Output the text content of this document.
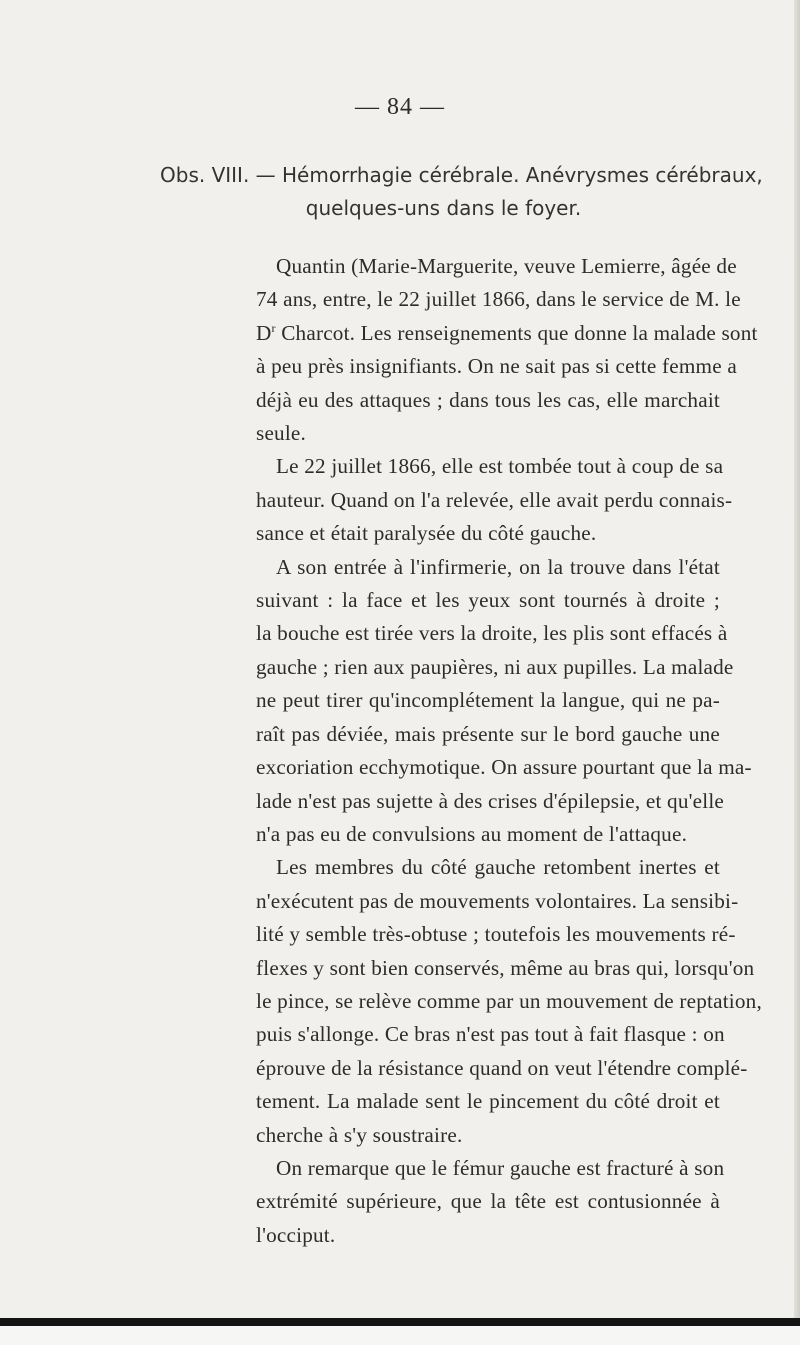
— 84 —
Obs. VIII. — Hémorrhagie cérébrale. Anévrysmes cérébraux,
quelques-uns dans le foyer.
Quantin (Marie-Marguerite, veuve Lemierre, âgée de
74 ans, entre, le 22 juillet 1866, dans le service de M. le
$D^r$ Charcot. Les renseignements que donne la malade sont
à peu près insignifiants. On ne sait pas si cette femme a
déjà eu des attaques ; dans tous les cas, elle marchait
seule.
Le 22 juillet 1866, elle est tombée tout à coup de sa
hauteur. Quand on l'a relevée, elle avait perdu connais-
sance et était paralysée du côté gauche.
A son entrée à l'infirmerie, on la trouve dans l'état
suivant : la face et les yeux sont tournés à droite ;
la bouche est tirée vers la droite, les plis sont effacés à
gauche ; rien aux paupières, ni aux pupilles. La malade
ne peut tirer qu'incomplétement la langue, qui ne pa-
raît pas déviée, mais présente sur le bord gauche une
excoriation ecchymotique. On assure pourtant que la ma-
lade n'est pas sujette à des crises d'épilepsie, et qu'elle
n'a pas eu de convulsions au moment de l'attaque.
Les membres du côté gauche retombent inertes et
n'exécutent pas de mouvements volontaires. La sensibi-
lité y semble très-obtuse ; toutefois les mouvements ré-
flexes y sont bien conservés, même au bras qui, lorsqu'on
le pince, se relève comme par un mouvement de reptation,
puis s'allonge. Ce bras n'est pas tout à fait flasque : on
éprouve de la résistance quand on veut l'étendre complé-
tement. La malade sent le pincement du côté droit et
cherche à s'y soustraire.
On remarque que le fémur gauche est fracturé à son
extrémité supérieure, que la tête est contusionnée à
l'occiput.
